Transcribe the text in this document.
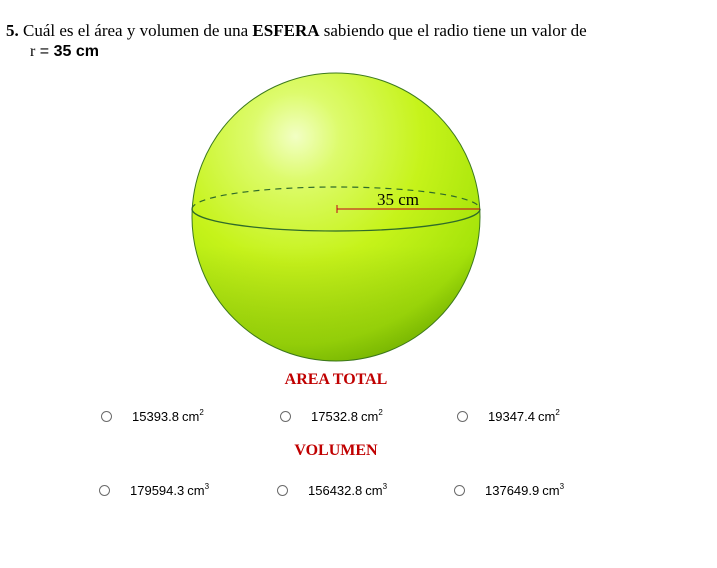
5. Cuál es el área y volumen de una ESFERA sabiendo que el radio tiene un valor de
r = 35 cm
35 cm
AREA TOTAL
15393.8 $cm^2$	17532.8 $cm^2$	19347.4 $cm^2$
VOLUMEN
179594.3 $cm^3$	156432.8 $cm^3$	137649.9 $cm^3$
